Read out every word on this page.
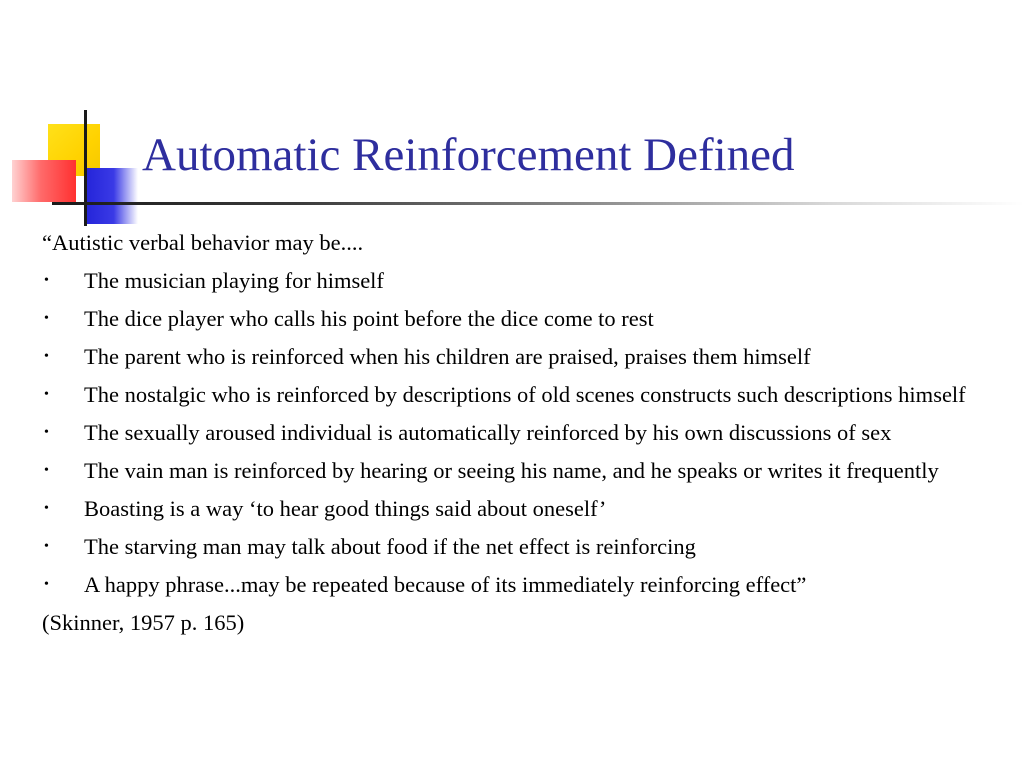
Automatic Reinforcement Defined

“Autistic verbal behavior may be....

• The musician playing for himself
• The dice player who calls his point before the dice come to rest
• The parent who is reinforced when his children are praised, praises them himself
• The nostalgic who is reinforced by descriptions of old scenes constructs such descriptions himself
• The sexually aroused individual is automatically reinforced by his own discussions of sex
• The vain man is reinforced by hearing or seeing his name, and he speaks or writes it frequently
• Boasting is a way ‘to hear good things said about oneself’
• The starving man may talk about food if the net effect is reinforcing
• A happy phrase...may be repeated because of its immediately reinforcing effect”

(Skinner, 1957 p. 165)
